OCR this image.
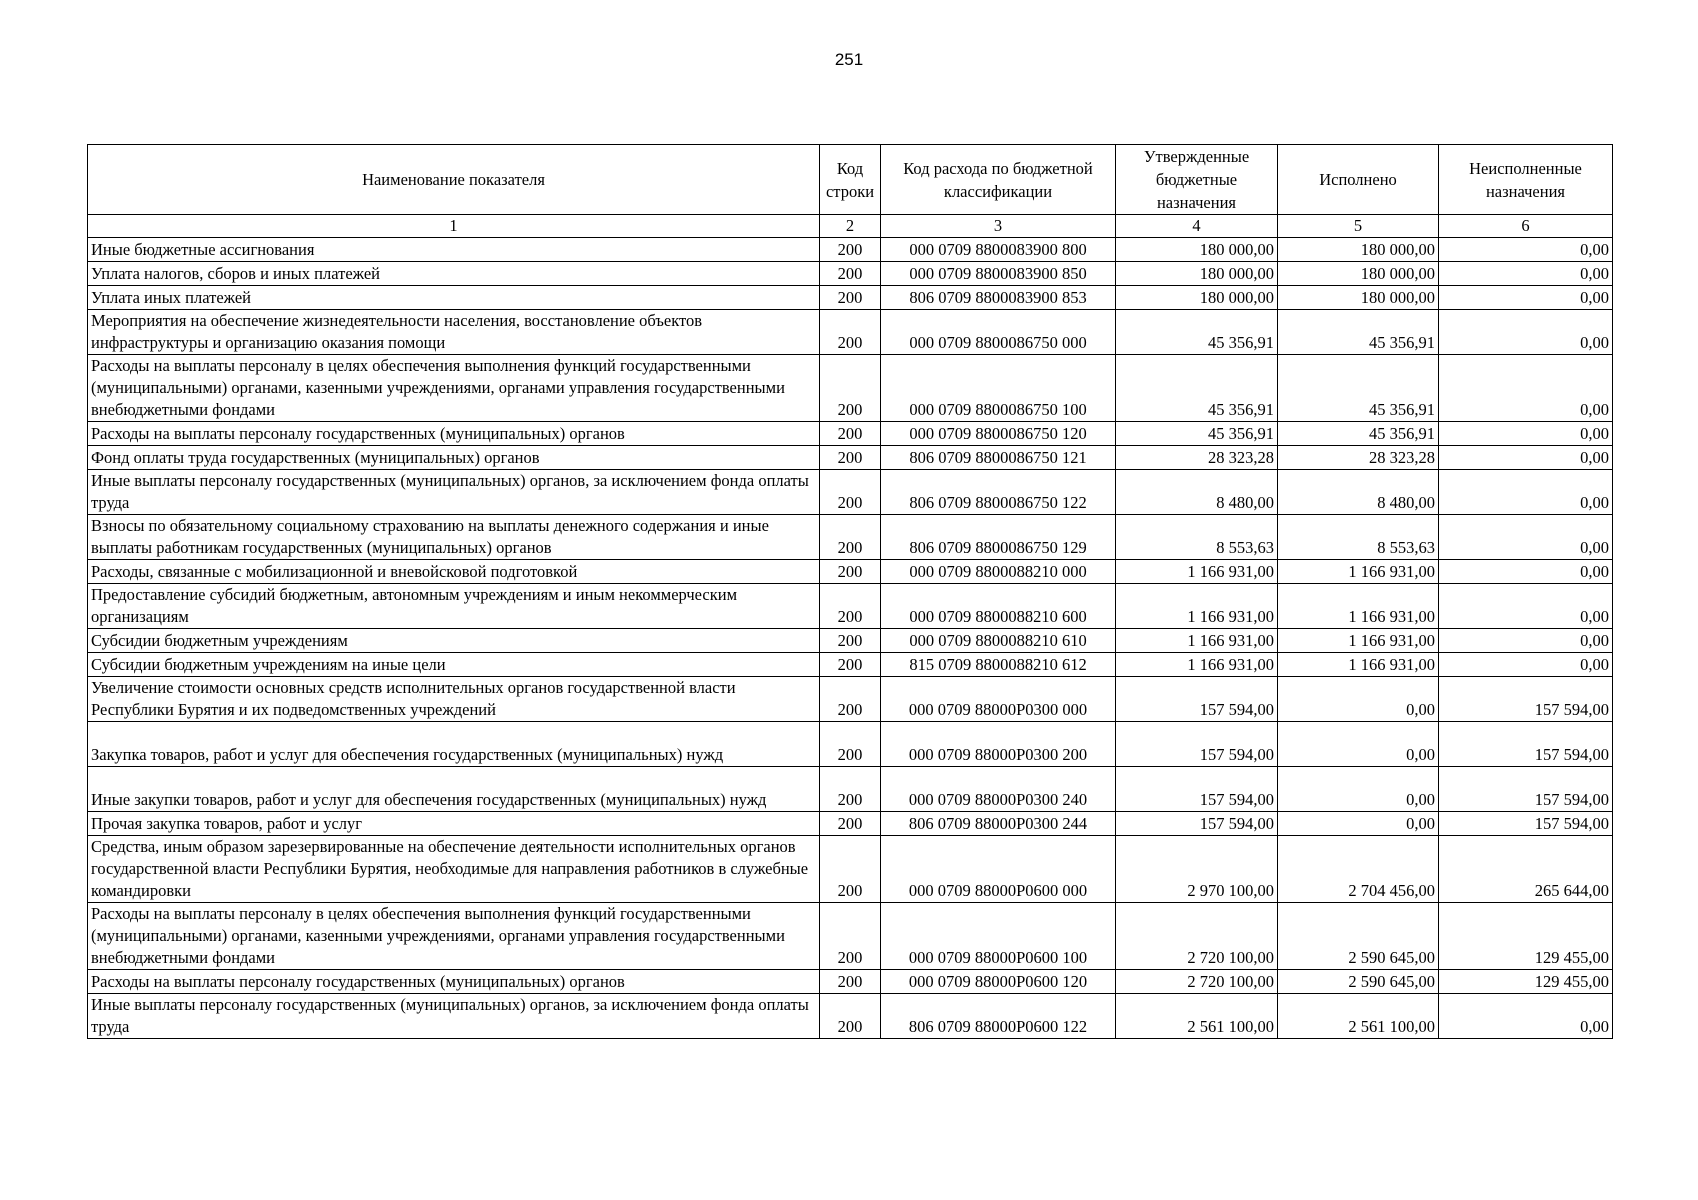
251
Наименование показателя	Код строки	Код расхода по бюджетной классификации	Утвержденные бюджетные назначения	Исполнено	Неисполненные назначения
1	2	3	4	5	6
Иные бюджетные ассигнования	200	000 0709 8800083900 800	180 000,00	180 000,00	0,00
Уплата налогов, сборов и иных платежей	200	000 0709 8800083900 850	180 000,00	180 000,00	0,00
Уплата иных платежей	200	806 0709 8800083900 853	180 000,00	180 000,00	0,00
Мероприятия на обеспечение жизнедеятельности населения, восстановление объектов инфраструктуры и организацию оказания помощи	200	000 0709 8800086750 000	45 356,91	45 356,91	0,00
Расходы на выплаты персоналу в целях обеспечения выполнения функций государственными (муниципальными) органами, казенными учреждениями, органами управления государственными внебюджетными фондами	200	000 0709 8800086750 100	45 356,91	45 356,91	0,00
Расходы на выплаты персоналу государственных (муниципальных) органов	200	000 0709 8800086750 120	45 356,91	45 356,91	0,00
Фонд оплаты труда государственных (муниципальных) органов	200	806 0709 8800086750 121	28 323,28	28 323,28	0,00
Иные выплаты персоналу государственных (муниципальных) органов, за исключением фонда оплаты труда	200	806 0709 8800086750 122	8 480,00	8 480,00	0,00
Взносы по обязательному социальному страхованию на выплаты денежного содержания и иные выплаты работникам государственных (муниципальных) органов	200	806 0709 8800086750 129	8 553,63	8 553,63	0,00
Расходы, связанные с мобилизационной и вневойсковой подготовкой	200	000 0709 8800088210 000	1 166 931,00	1 166 931,00	0,00
Предоставление субсидий бюджетным, автономным учреждениям и иным некоммерческим организациям	200	000 0709 8800088210 600	1 166 931,00	1 166 931,00	0,00
Субсидии бюджетным учреждениям	200	000 0709 8800088210 610	1 166 931,00	1 166 931,00	0,00
Субсидии бюджетным учреждениям на иные цели	200	815 0709 8800088210 612	1 166 931,00	1 166 931,00	0,00
Увеличение стоимости основных средств исполнительных органов государственной власти Республики Бурятия и их подведомственных учреждений	200	000 0709 88000Р0300 000	157 594,00	0,00	157 594,00
Закупка товаров, работ и услуг для обеспечения государственных (муниципальных) нужд	200	000 0709 88000Р0300 200	157 594,00	0,00	157 594,00
Иные закупки товаров, работ и услуг для обеспечения государственных (муниципальных) нужд	200	000 0709 88000Р0300 240	157 594,00	0,00	157 594,00
Прочая закупка товаров, работ и услуг	200	806 0709 88000Р0300 244	157 594,00	0,00	157 594,00
Средства, иным образом зарезервированные на обеспечение деятельности исполнительных органов государственной власти Республики Бурятия, необходимые для направления работников в служебные командировки	200	000 0709 88000Р0600 000	2 970 100,00	2 704 456,00	265 644,00
Расходы на выплаты персоналу в целях обеспечения выполнения функций государственными (муниципальными) органами, казенными учреждениями, органами управления государственными внебюджетными фондами	200	000 0709 88000Р0600 100	2 720 100,00	2 590 645,00	129 455,00
Расходы на выплаты персоналу государственных (муниципальных) органов	200	000 0709 88000Р0600 120	2 720 100,00	2 590 645,00	129 455,00
Иные выплаты персоналу государственных (муниципальных) органов, за исключением фонда оплаты труда	200	806 0709 88000Р0600 122	2 561 100,00	2 561 100,00	0,00
